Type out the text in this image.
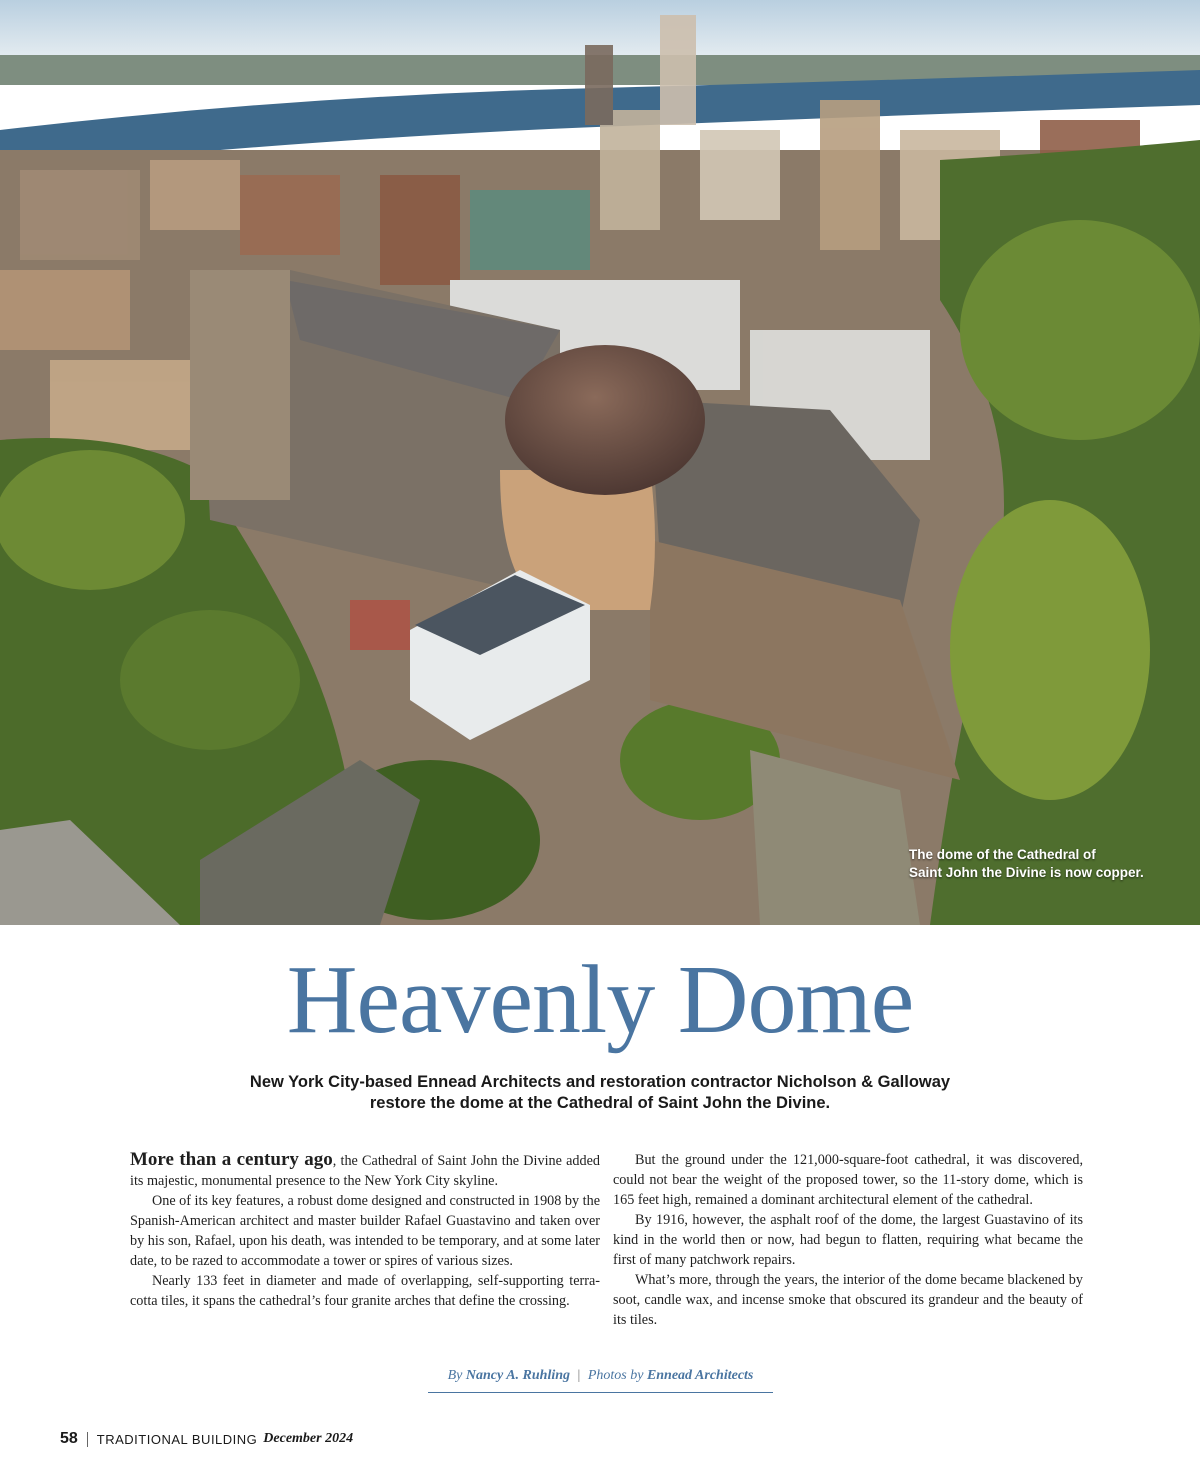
The dome of the Cathedral of
Saint John the Divine is now copper.
Heavenly Dome
New York City-based Ennead Architects and restoration contractor Nicholson & Galloway
restore the dome at the Cathedral of Saint John the Divine.

More than a century ago, the Cathedral of Saint John the Divine added its majestic, monumental presence to the New York City skyline.

One of its key features, a robust dome designed and constructed in 1908 by the Spanish-American architect and master builder Rafael Guastavino and taken over by his son, Rafael, upon his death, was intended to be temporary, and at some later date, to be razed to accommodate a tower or spires of various sizes.

Nearly 133 feet in diameter and made of overlapping, self-supporting terra-cotta tiles, it spans the cathedral’s four granite arches that define the crossing.

But the ground under the 121,000-square-foot cathedral, it was discovered, could not bear the weight of the proposed tower, so the 11-story dome, which is 165 feet high, remained a dominant architectural element of the cathedral.

By 1916, however, the asphalt roof of the dome, the largest Guastavino of its kind in the world then or now, had begun to flatten, requiring what became the first of many patchwork repairs.

What’s more, through the years, the interior of the dome became blackened by soot, candle wax, and incense smoke that obscured its grandeur and the beauty of its tiles.

By Nancy A. Ruhling | Photos by Ennead Architects
58 TRADITIONAL BUILDING December 2024
